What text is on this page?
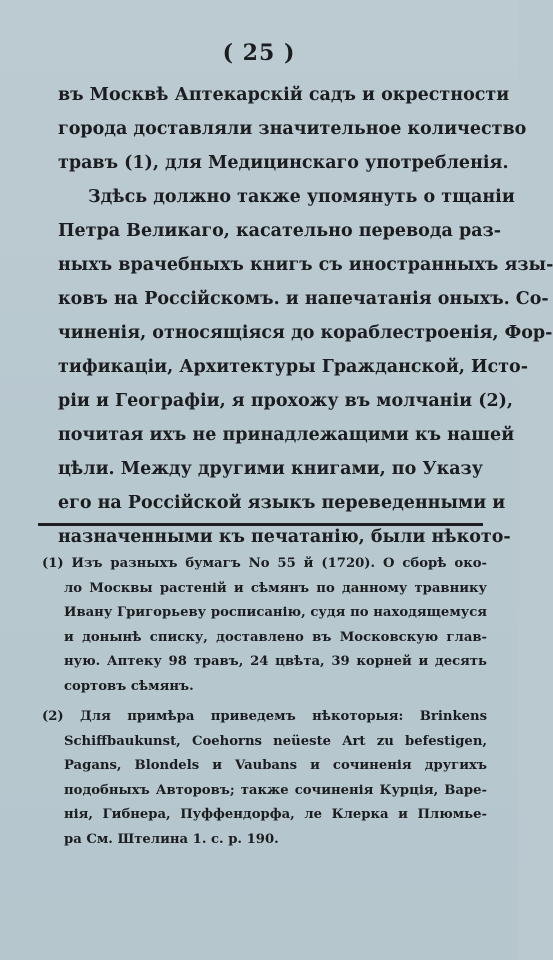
( 25 )
въ Москвѣ Аптекарскій садъ и окрестности
города доставляли значительное количество
травъ (1), для Медицинскаго употребленія.
Здѣсь должно также упомянуть о тщаніи
Петра Великаго, касательно перевода раз-
ныхъ врачебныхъ книгъ съ иностранныхъ язы-
ковъ на Россійскомъ. и напечатанія оныхъ. Со-
чиненія, относящіяся до кораблестроенія, Фор-
тификаціи, Архитектуры Гражданской, Исто-
ріи и Географіи, я прохожу въ молчаніи (2),
почитая ихъ не принадлежащими къ нашей
цѣли. Между другими книгами, по Указу
его на Россійской языкъ переведенными и
назначенными къ печатанію, были нѣкото-
(1) Изъ разныхъ бумагъ No 55 й (1720). О сборѣ око-
ло Москвы растеній и сѣмянъ по данному травнику
Ивану Григорьеву росписанію, судя по находящемуся
и донынѣ списку, доставлено въ Московскую глав-
ную. Аптеку 98 травъ, 24 цвѣта, 39 корней и десять
сортовъ сѣмянъ.
(2) Для примѣра приведемъ нѣкоторыя: Brinkens
Schiffbaukunst, Coehorns neüeste Art zu befestigen,
Pagans, Blondels и Vaubans и сочиненія другихъ
подобныхъ Авторовъ; также сочиненія Курція, Варе-
нія, Гибнера, Пуффендорфа, ле Клерка и Плюмье-
ра См. Штелина 1. с. р. 190.
